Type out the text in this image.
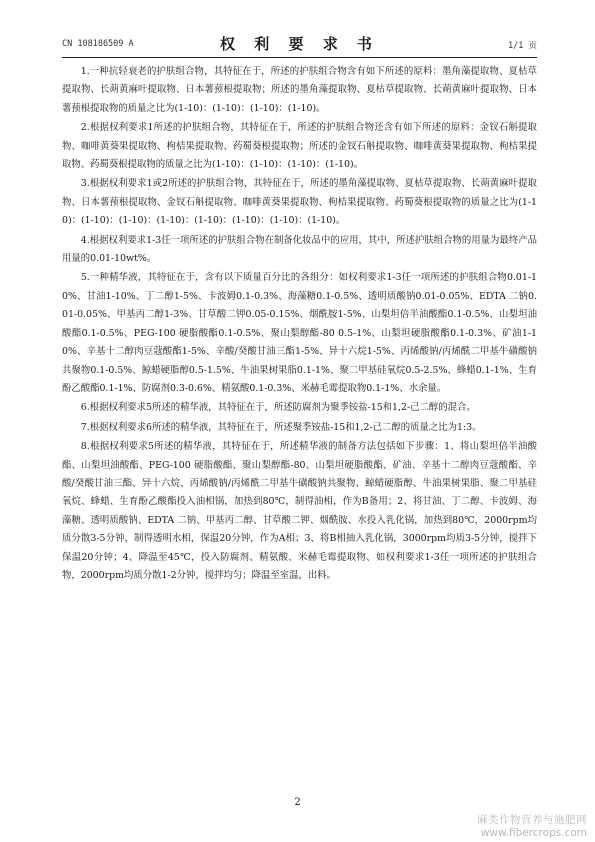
CN 108186509 A	权 利 要 求 书	1/1 页

1.一种抗轻衰老的护肤组合物，其特征在于，所述的护肤组合物含有如下所述的原料：墨角藻提取物、夏枯草提取物、长蒴黄麻叶提取物、日本薯蓣根提取物；所述的墨角藻提取物、夏枯草提取物、长蒴黄麻叶提取物、日本薯蓣根提取物的质量之比为(1-10)：(1-10)：(1-10)：(1-10)。

2.根据权利要求1所述的护肤组合物，其特征在于，所述的护肤组合物还含有如下所述的原料：金钗石斛提取物、咖啡黄葵果提取物、枸桔果提取物、药蜀葵根提取物；所述的金钗石斛提取物、咖啡黄葵果提取物、枸桔果提取物、药蜀葵根提取物的质量之比为(1-10)：(1-10)：(1-10)：(1-10)。

3.根据权利要求1或2所述的护肤组合物，其特征在于，所述的墨角藻提取物、夏枯草提取物、长蒴黄麻叶提取物、日本薯蓣根提取物、金钗石斛提取物、咖啡黄葵果提取物、枸桔果提取物、药蜀葵根提取物的质量之比为(1-10)：(1-10)：(1-10)：(1-10)：(1-10)：(1-10)：(1-10)：(1-10)。

4.根据权利要求1-3任一项所述的护肤组合物在制备化妆品中的应用，其中，所述护肤组合物的用量为最终产品用量的0.01-10wt%。

5.一种精华液，其特征在于，含有以下质量百分比的各组分：如权利要求1-3任一项所述的护肤组合物0.01-10%、甘油1-10%、丁二醇1-5%、卡波姆0.1-0.3%、海藻糖0.1-0.5%、透明质酸钠0.01-0.05%、EDTA 二钠0.01-0.05%、甲基丙二醇1-3%、甘草酸二钾0.05-0.15%、烟酰胺1-5%、山梨坦倍半油酸酯0.1-0.5%、山梨坦油酸酯0.1-0.5%、PEG-100 硬脂酸酯0.1-0.5%、聚山梨醇酯-80 0.5-1%、山梨坦硬脂酸酯0.1-0.3%、矿油1-10%、辛基十二醇肉豆蔻酸酯1-5%、辛酸/癸酸甘油三酯1-5%、异十六烷1-5%、丙烯酸钠/丙烯酰二甲基牛磺酸钠共聚物0.1-0.5%、鲸蜡硬脂醇0.5-1.5%、牛油果树果脂0.1-1%、聚二甲基硅氧烷0.5-2.5%、蜂蜡0.1-1%、生育酚乙酸酯0.1-1%、防腐剂0.3-0.6%、精氨酸0.1-0.3%、米赫毛霉提取物0.1-1%、水余量。

6.根据权利要求5所述的精华液，其特征在于，所述防腐剂为聚季铵盐-15和1,2-己二醇的混合。

7.根据权利要求6所述的精华液，其特征在于，所述聚季铵盐-15和1,2-己二醇的质量之比为1:3。

8.根据权利要求5所述的精华液，其特征在于，所述精华液的制备方法包括如下步骤：1、将山梨坦倍半油酸酯、山梨坦油酸酯、PEG-100 硬脂酸酯、聚山梨醇酯-80、山梨坦硬脂酸酯、矿油、辛基十二醇肉豆蔻酸酯、辛酸/癸酸甘油三酯、异十六烷、丙烯酸钠/丙烯酰二甲基牛磺酸钠共聚物、鲸蜡硬脂醇、牛油果树果脂、聚二甲基硅氧烷、蜂蜡、生育酚乙酸酯投入油相锅，加热到80℃，制得油相，作为B备用；2、将甘油、丁二醇、卡波姆、海藻糖、透明质酸钠、EDTA 二钠、甲基丙二醇、甘草酸二钾、烟酰胺、水投入乳化锅，加热到80℃，2000rpm均质分散3-5分钟，制得透明水相，保温20分钟，作为A相；3、将B相抽入乳化锅，3000rpm均质3-5分钟，搅拌下保温20分钟；4、降温至45℃，投入防腐剂、精氨酸、米赫毛霉提取物、如权利要求1-3任一项所述的护肤组合物，2000rpm均质分散1-2分钟，搅拌均匀；降温至室温，出料。

2
麻类作物营养与施肥网
www.fibercrops.com
